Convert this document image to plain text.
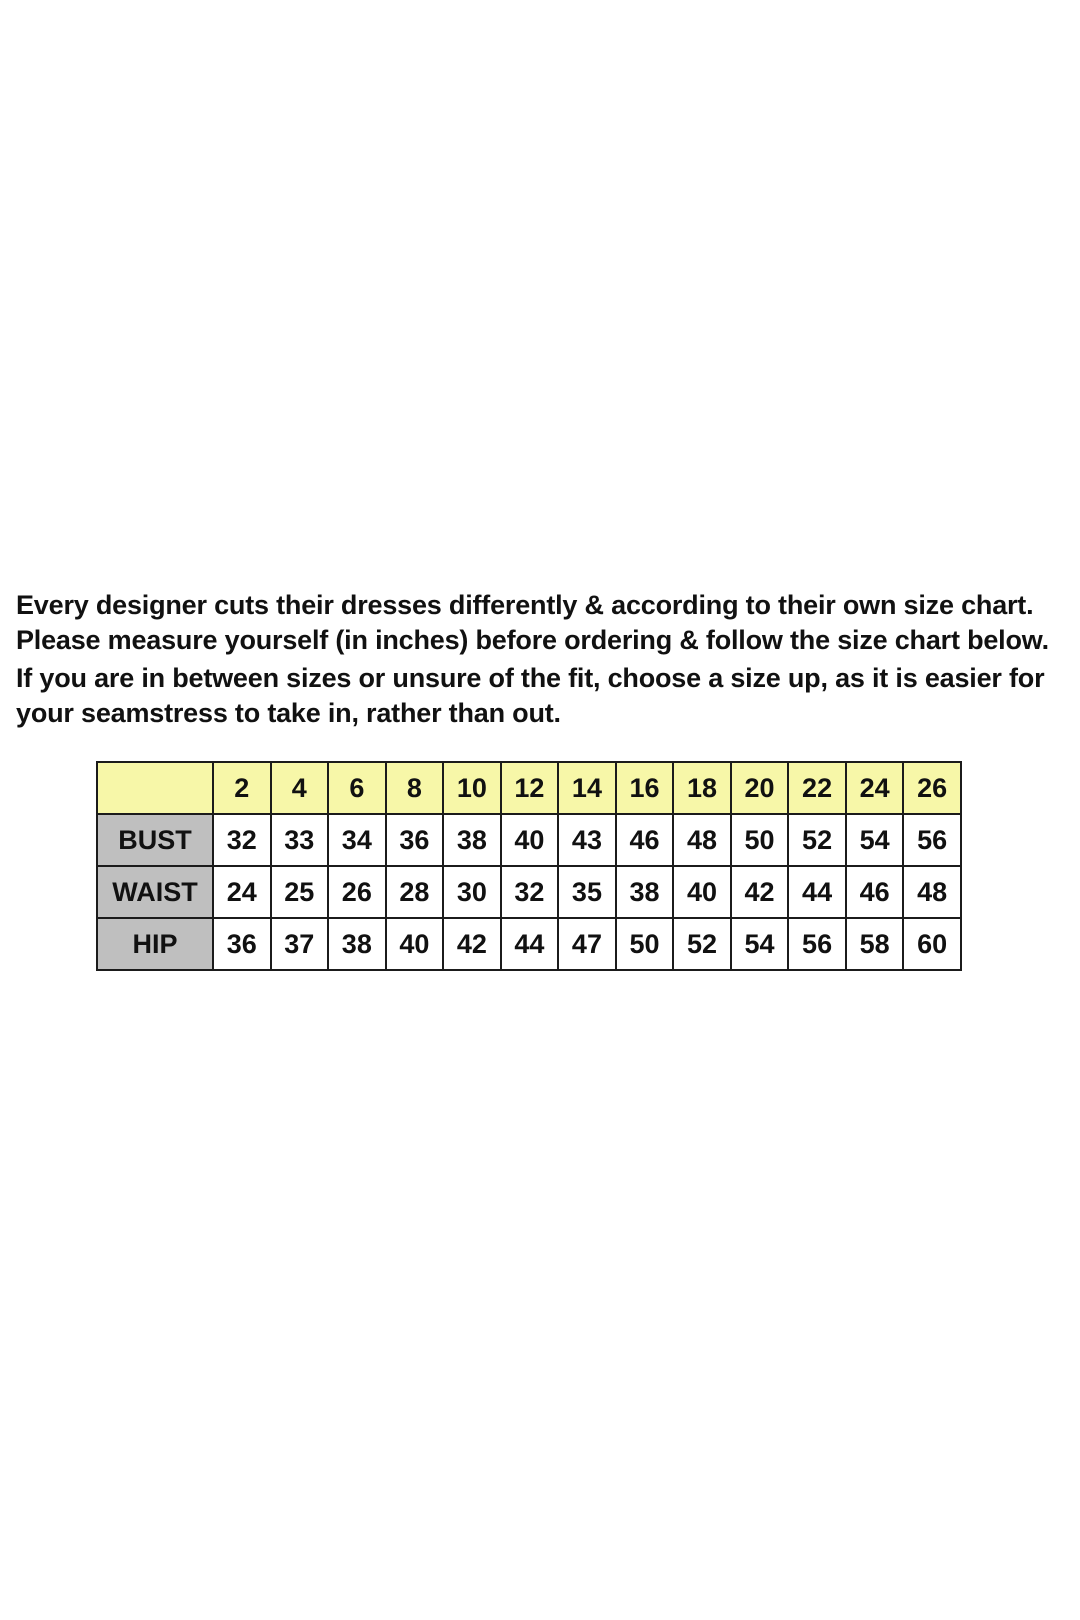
Every designer cuts their dresses differently & according to their own size chart. Please measure yourself (in inches) before ordering & follow the size chart below.

If you are in between sizes or unsure of the fit, choose a size up, as it is easier for your seamstress to take in, rather than out.

	2	4	6	8	10	12	14	16	18	20	22	24	26
BUST	32	33	34	36	38	40	43	46	48	50	52	54	56
WAIST	24	25	26	28	30	32	35	38	40	42	44	46	48
HIP	36	37	38	40	42	44	47	50	52	54	56	58	60
